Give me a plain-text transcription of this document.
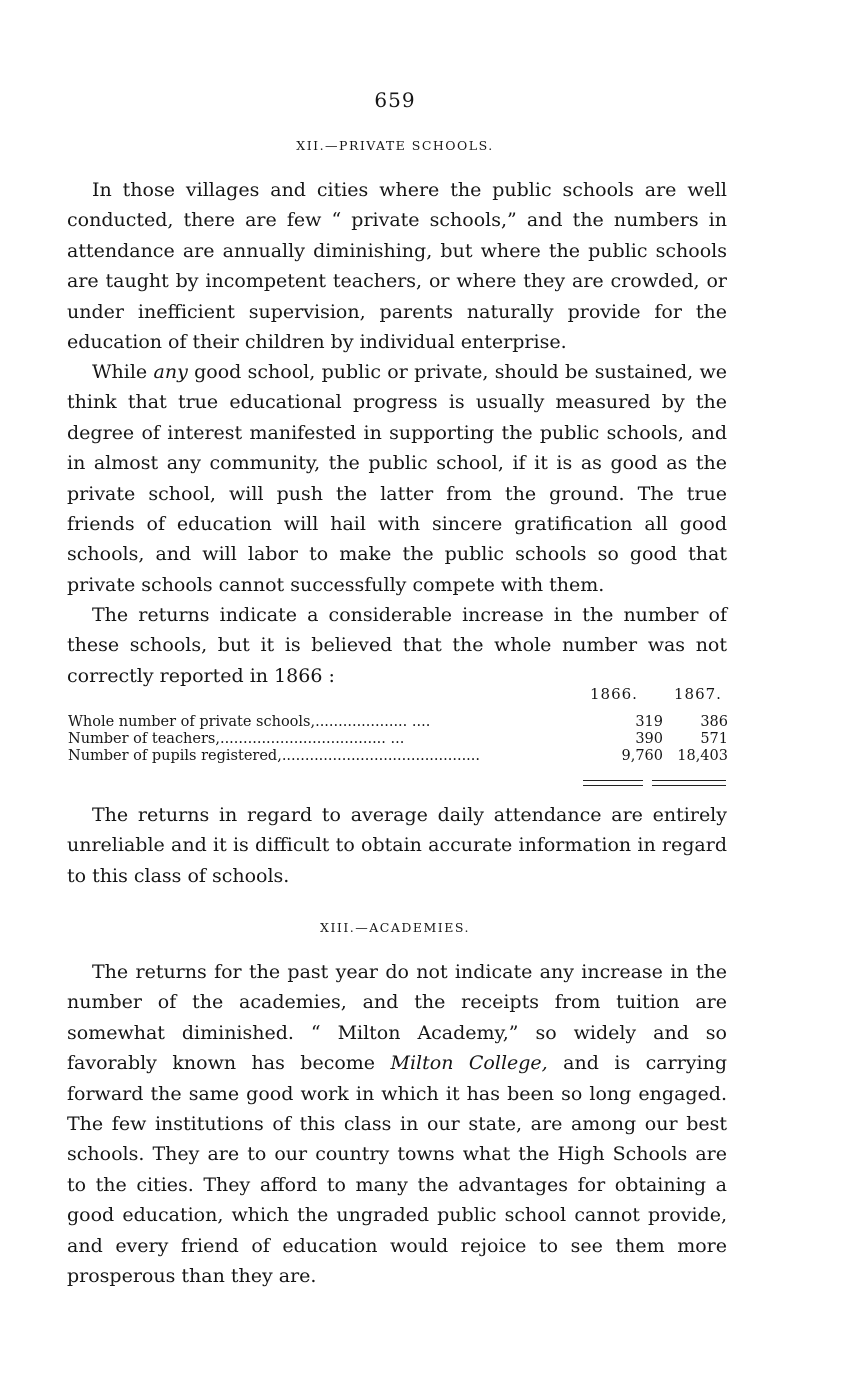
659
XII.—PRIVATE SCHOOLS.

In those villages and cities where the public schools are well conducted, there are few “ private schools,” and the numbers in attendance are annually diminishing, but where the public schools are taught by incompetent teachers, or where they are crowded, or under inefficient supervision, parents naturally provide for the education of their children by individual enterprise.

While any good school, public or private, should be sustained, we think that true educational progress is usually measured by the degree of interest manifested in supporting the public schools, and in almost any community, the public school, if it is as good as the private school, will push the latter from the ground. The true friends of education will hail with sincere gratification all good schools, and will labor to make the public schools so good that private schools cannot successfully compete with them.

The returns indicate a considerable increase in the number of these schools, but it is believed that the whole number was not correctly reported in 1866 :

1866. 1867.
Whole number of private schools,.................... ....	319	386
Number of teachers,.................................... ...	390	571
Number of pupils registered,...........................................	9,760 18,403

The returns in regard to average daily attendance are entirely unreliable and it is difficult to obtain accurate information in regard to this class of schools.

XIII.—ACADEMIES.

The returns for the past year do not indicate any increase in the number of the academies, and the receipts from tuition are somewhat diminished. “ Milton Academy,” so widely and so favorably known has become Milton College, and is carrying forward the same good work in which it has been so long engaged. The few institutions of this class in our state, are among our best schools. They are to our country towns what the High Schools are to the cities. They afford to many the advantages for obtaining a good education, which the ungraded public school cannot provide, and every friend of education would rejoice to see them more prosperous than they are.
